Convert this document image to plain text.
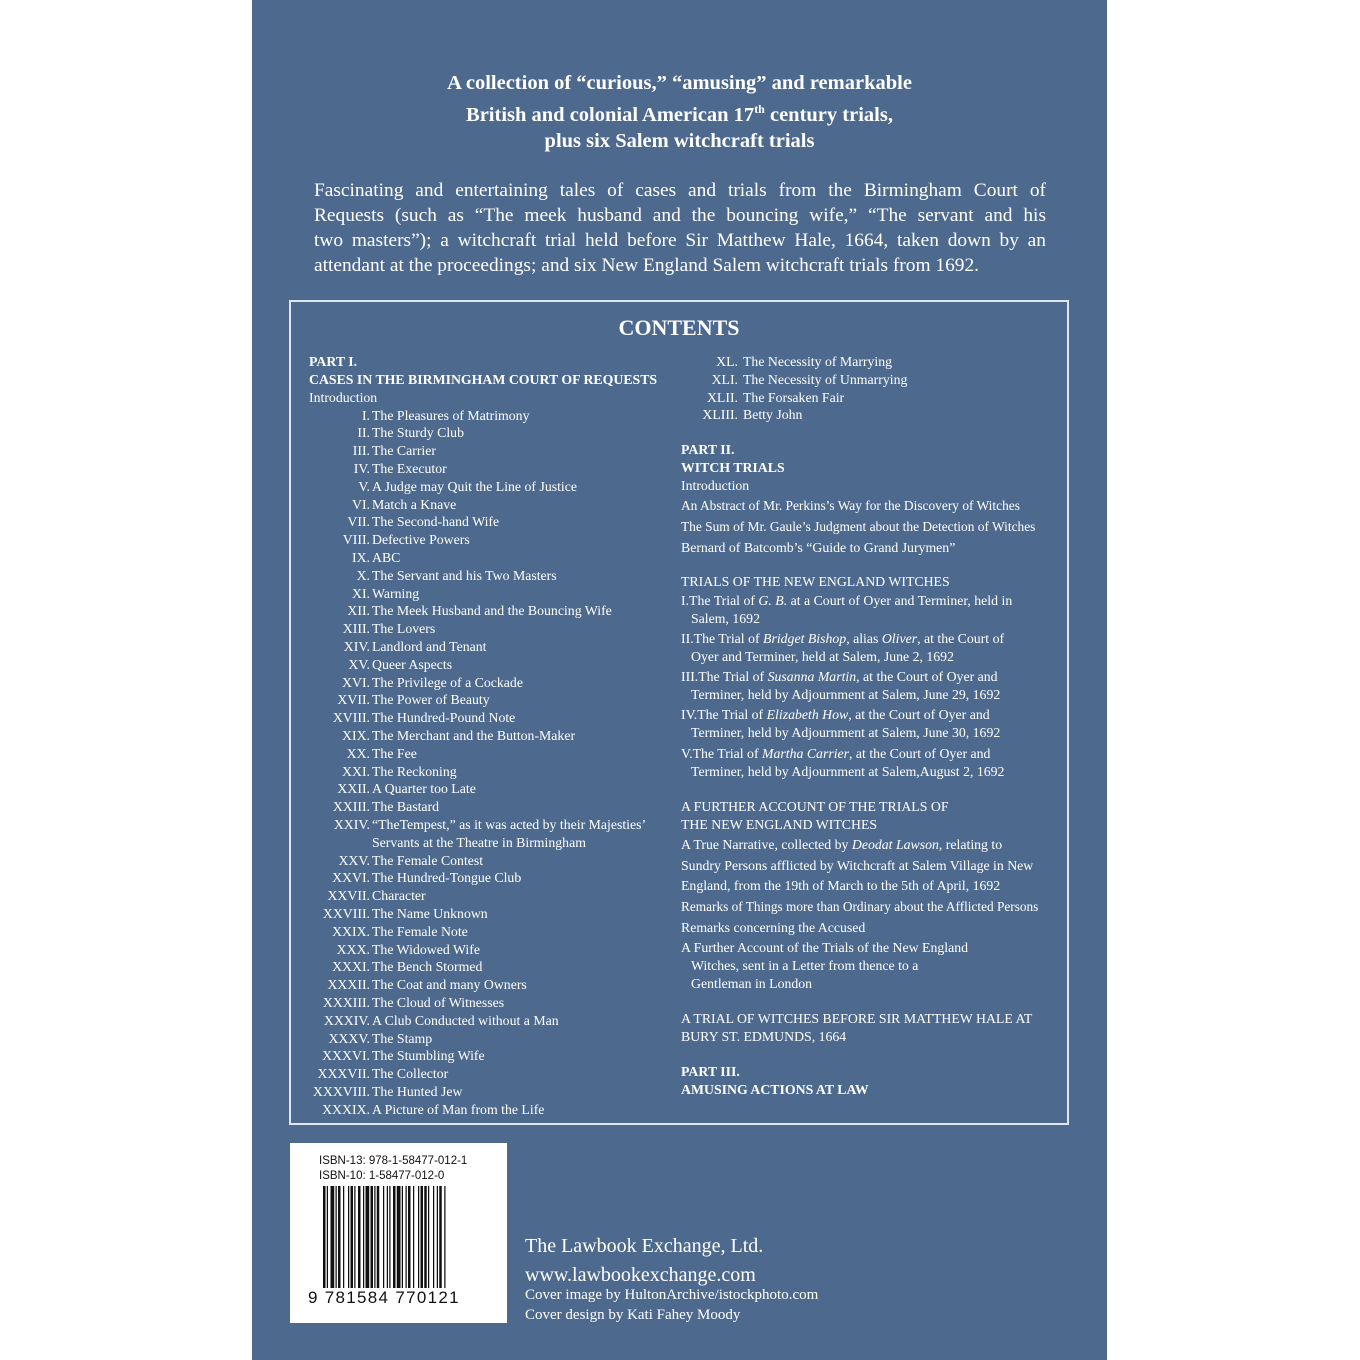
A collection of “curious,” “amusing” and remarkable
British and colonial American 17th century trials,
plus six Salem witchcraft trials
Fascinating and entertaining tales of cases and trials from the Birmingham Court of
Requests (such as “The meek husband and the bouncing wife,” “The servant and his
two masters”); a witchcraft trial held before Sir Matthew Hale, 1664, taken down by an
attendant at the proceedings; and six New England Salem witchcraft trials from 1692.
CONTENTS
PART I.
CASES IN THE BIRMINGHAM COURT OF REQUESTS
Introduction
I. The Pleasures of Matrimony
II. The Sturdy Club
III. The Carrier
IV. The Executor
V. A Judge may Quit the Line of Justice
VI. Match a Knave
VII. The Second-hand Wife
VIII. Defective Powers
IX. ABC
X. The Servant and his Two Masters
XI. Warning
XII. The Meek Husband and the Bouncing Wife
XIII. The Lovers
XIV. Landlord and Tenant
XV. Queer Aspects
XVI. The Privilege of a Cockade
XVII. The Power of Beauty
XVIII. The Hundred-Pound Note
XIX. The Merchant and the Button-Maker
XX. The Fee
XXI. The Reckoning
XXII. A Quarter too Late
XXIII. The Bastard
XXIV. “TheTempest,” as it was acted by their Majesties’
Servants at the Theatre in Birmingham
XXV. The Female Contest
XXVI. The Hundred-Tongue Club
XXVII. Character
XXVIII. The Name Unknown
XXIX. The Female Note
XXX. The Widowed Wife
XXXI. The Bench Stormed
XXXII. The Coat and many Owners
XXXIII. The Cloud of Witnesses
XXXIV. A Club Conducted without a Man
XXXV. The Stamp
XXXVI. The Stumbling Wife
XXXVII. The Collector
XXXVIII. The Hunted Jew
XXXIX. A Picture of Man from the Life
PART II.
WITCH TRIALS
Introduction
An Abstract of Mr. Perkins’s Way for the Discovery of Witches
The Sum of Mr. Gaule’s Judgment about the Detection of Witches
Bernard of Batcomb’s “Guide to Grand Jurymen”
TRIALS OF THE NEW ENGLAND WITCHES
I.The Trial of G. B. at a Court of Oyer and Terminer, held in
Salem, 1692
II.The Trial of Bridget Bishop, alias Oliver, at the Court of
Oyer and Terminer, held at Salem, June 2, 1692
III.The Trial of Susanna Martin, at the Court of Oyer and
Terminer, held by Adjournment at Salem, June 29, 1692
IV.The Trial of Elizabeth How, at the Court of Oyer and
Terminer, held by Adjournment at Salem, June 30, 1692
V.The Trial of Martha Carrier, at the Court of Oyer and
Terminer, held by Adjournment at Salem,August 2, 1692
A FURTHER ACCOUNT OF THE TRIALS OF
THE NEW ENGLAND WITCHES
A True Narrative, collected by Deodat Lawson, relating to
Sundry Persons afflicted by Witchcraft at Salem Village in New
England, from the 19th of March to the 5th of April, 1692
Remarks of Things more than Ordinary about the Afflicted Persons
Remarks concerning the Accused
A Further Account of the Trials of the New England
Witches, sent in a Letter from thence to a
Gentleman in London
A TRIAL OF WITCHES BEFORE SIR MATTHEW HALE AT
BURY ST. EDMUNDS, 1664
PART III.
AMUSING ACTIONS AT LAW
XL. The Necessity of Marrying
XLI. The Necessity of Unmarrying
XLII. The Forsaken Fair
XLIII. Betty John
ISBN-13: 978-1-58477-012-1
ISBN-10: 1-58477-012-0
9 781584 770121
The Lawbook Exchange, Ltd.
www.lawbookexchange.com
Cover image by HultonArchive/istockphoto.com
Cover design by Kati Fahey Moody
